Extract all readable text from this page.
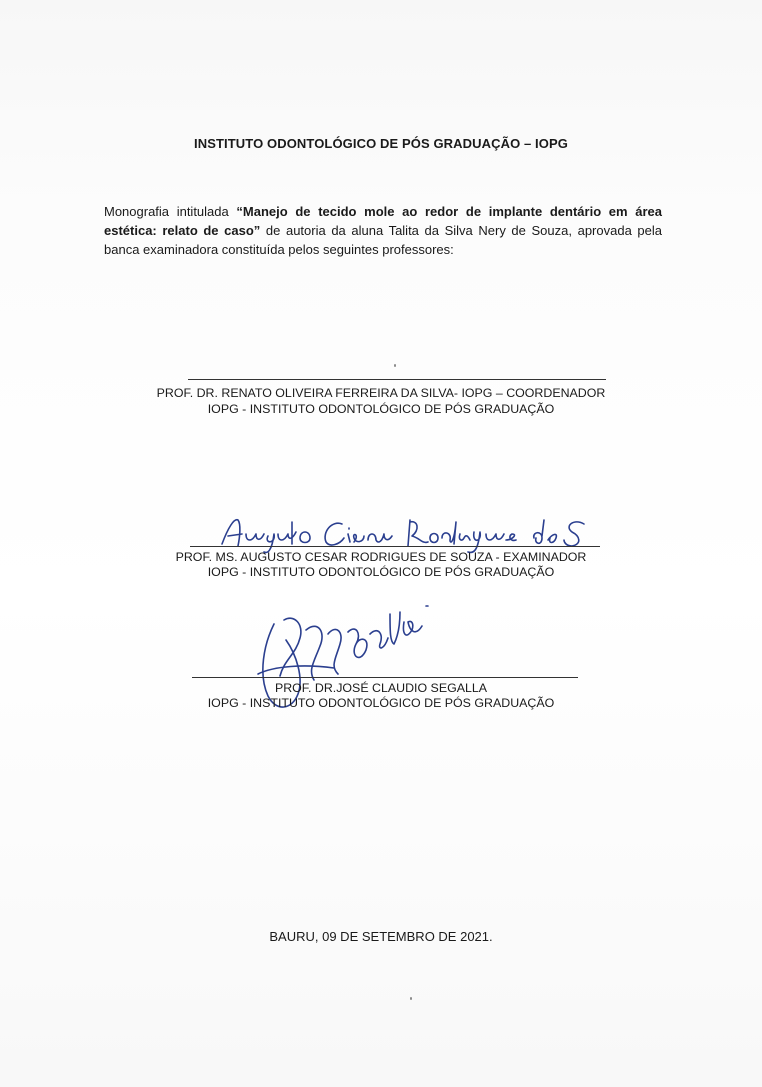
INSTITUTO ODONTOLÓGICO DE PÓS GRADUAÇÃO – IOPG
Monografia intitulada “Manejo de tecido mole ao redor de implante dentário em área estética: relato de caso” de autoria da aluna Talita da Silva Nery de Souza, aprovada pela banca examinadora constituída pelos seguintes professores:
PROF. DR. RENATO OLIVEIRA FERREIRA DA SILVA- IOPG – COORDENADOR
IOPG - INSTITUTO ODONTOLÓGICO DE PÓS GRADUAÇÃO
PROF. MS. AUGUSTO CESAR RODRIGUES DE SOUZA - EXAMINADOR
IOPG - INSTITUTO ODONTOLÓGICO DE PÓS GRADUAÇÃO
PROF. DR.JOSÉ CLAUDIO SEGALLA
IOPG - INSTITUTO ODONTOLÓGICO DE PÓS GRADUAÇÃO
BAURU, 09 DE SETEMBRO DE 2021.
